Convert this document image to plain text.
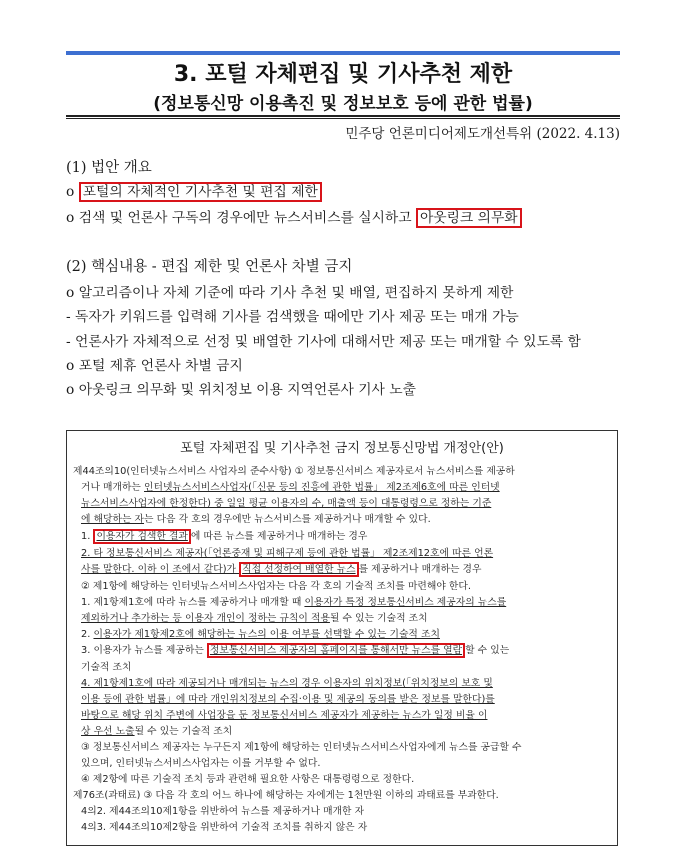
3. 포털 자체편집 및 기사추천 제한
(정보통신망 이용촉진 및 정보보호 등에 관한 법률)
민주당 언론미디어제도개선특위 (2022. 4.13)
(1) 법안 개요
o 포털의 자체적인 기사추천 및 편집 제한
o 검색 및 언론사 구독의 경우에만 뉴스서비스를 실시하고 아웃링크 의무화
(2) 핵심내용 - 편집 제한 및 언론사 차별 금지
o 알고리즘이나 자체 기준에 따라 기사 추천 및 배열, 편집하지 못하게 제한
- 독자가 키워드를 입력해 기사를 검색했을 때에만 기사 제공 또는 매개 가능
- 언론사가 자체적으로 선정 및 배열한 기사에 대해서만 제공 또는 매개할 수 있도록 함
o 포털 제휴 언론사 차별 금지
o 아웃링크 의무화 및 위치정보 이용 지역언론사 기사 노출
포털 자체편집 및 기사추천 금지 정보통신망법 개정안(안)
제44조의10(인터넷뉴스서비스 사업자의 준수사항) ① 정보통신서비스 제공자로서 뉴스서비스를 제공하
거나 매개하는 인터넷뉴스서비스사업자(「신문 등의 진흥에 관한 법률」 제2조제6호에 따른 인터넷
뉴스서비스사업자에 한정한다) 중 일일 평균 이용자의 수, 매출액 등이 대통령령으로 정하는 기준
에 해당하는 자는 다음 각 호의 경우에만 뉴스서비스를 제공하거나 매개할 수 있다.
1. 이용자가 검색한 결과 에 따른 뉴스를 제공하거나 매개하는 경우
2. 타 정보통신서비스 제공자(「언론중재 및 피해구제 등에 관한 법률」 제2조제12호에 따른 언론
사를 말한다. 이하 이 조에서 같다)가 직접 선정하여 배열한 뉴스 를 제공하거나 매개하는 경우
② 제1항에 해당하는 인터넷뉴스서비스사업자는 다음 각 호의 기술적 조치를 마련해야 한다.
1. 제1항제1호에 따라 뉴스를 제공하거나 매개할 때 이용자가 특정 정보통신서비스 제공자의 뉴스를
제외하거나 추가하는 등 이용자 개인이 정하는 규칙이 적용될 수 있는 기술적 조치
2. 이용자가 제1항제2호에 해당하는 뉴스의 이용 여부를 선택할 수 있는 기술적 조치
3. 이용자가 뉴스를 제공하는 정보통신서비스 제공자의 홈페이지를 통해서만 뉴스를 열람 할 수 있는
기술적 조치
4. 제1항제1호에 따라 제공되거나 매개되는 뉴스의 경우 이용자의 위치정보(「위치정보의 보호 및
이용 등에 관한 법률」에 따라 개인위치정보의 수집·이용 및 제공의 동의를 받은 정보를 말한다)를
바탕으로 해당 위치 주변에 사업장을 둔 정보통신서비스 제공자가 제공하는 뉴스가 일정 비율 이
상 우선 노출될 수 있는 기술적 조치
③ 정보통신서비스 제공자는 누구든지 제1항에 해당하는 인터넷뉴스서비스사업자에게 뉴스를 공급할 수
있으며, 인터넷뉴스서비스사업자는 이를 거부할 수 없다.
④ 제2항에 따른 기술적 조치 등과 관련해 필요한 사항은 대통령령으로 정한다.
제76조(과태료) ③ 다음 각 호의 어느 하나에 해당하는 자에게는 1천만원 이하의 과태료를 부과한다.
4의2. 제44조의10제1항을 위반하여 뉴스를 제공하거나 매개한 자
4의3. 제44조의10제2항을 위반하여 기술적 조치를 취하지 않은 자
